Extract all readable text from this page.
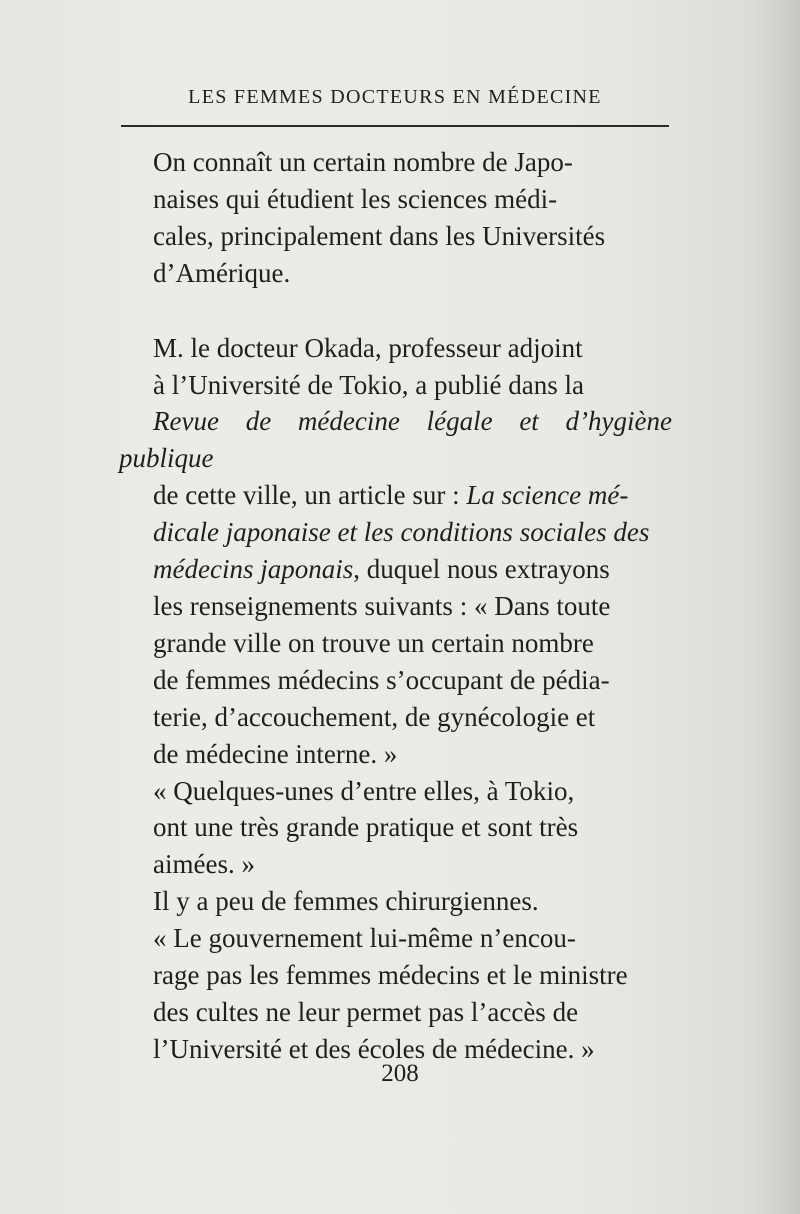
LES FEMMES DOCTEURS EN MÉDECINE

On connaît un certain nombre de Japo-
naises qui étudient les sciences médi-
cales, principalement dans les Universités
d’Amérique.

M. le docteur Okada, professeur adjoint
à l’Université de Tokio, a publié dans la
Revue de médecine légale et d’hygiène publique
de cette ville, un article sur : La science mé-
dicale japonaise et les conditions sociales des
médecins japonais, duquel nous extrayons
les renseignements suivants : « Dans toute
grande ville on trouve un certain nombre
de femmes médecins s’occupant de pédia-
terie, d’accouchement, de gynécologie et
de médecine interne. »

« Quelques-unes d’entre elles, à Tokio,
ont une très grande pratique et sont très
aimées. »

Il y a peu de femmes chirurgiennes.

« Le gouvernement lui-même n’encou-
rage pas les femmes médecins et le ministre
des cultes ne leur permet pas l’accès de
l’Université et des écoles de médecine. »

208
